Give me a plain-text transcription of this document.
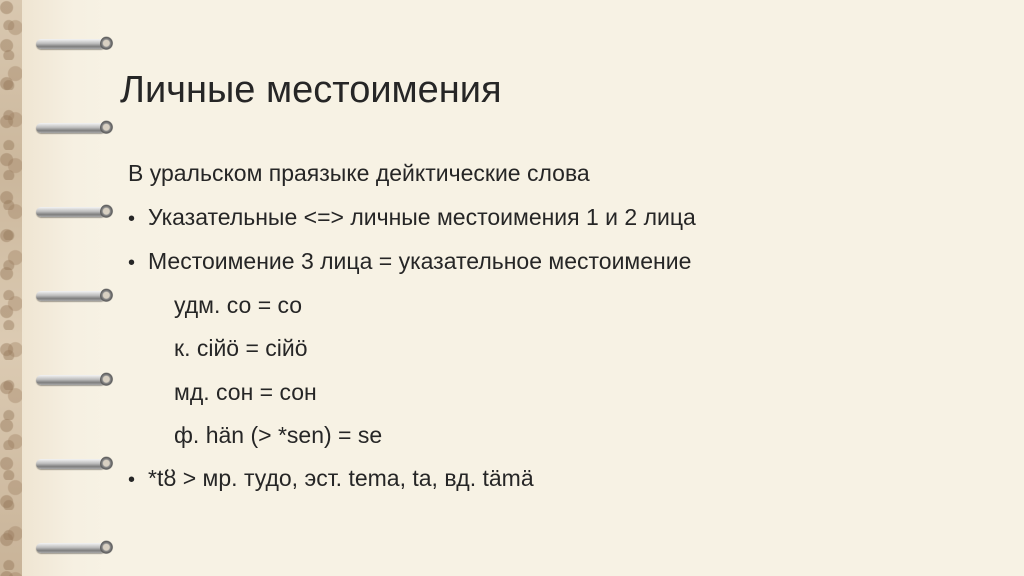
Личные местоимения
В уральском праязыке дейктические слова
• Указательные <=> личные местоимения 1 и 2 лица
• Местоимение 3 лица = указательное местоимение
удм. со = со
к. сійö = сійö
мд. сон = сон
ф. hän (> *sen) = se
• *tȣ > мр. тудо, эст. tema, ta, вд. tämä
